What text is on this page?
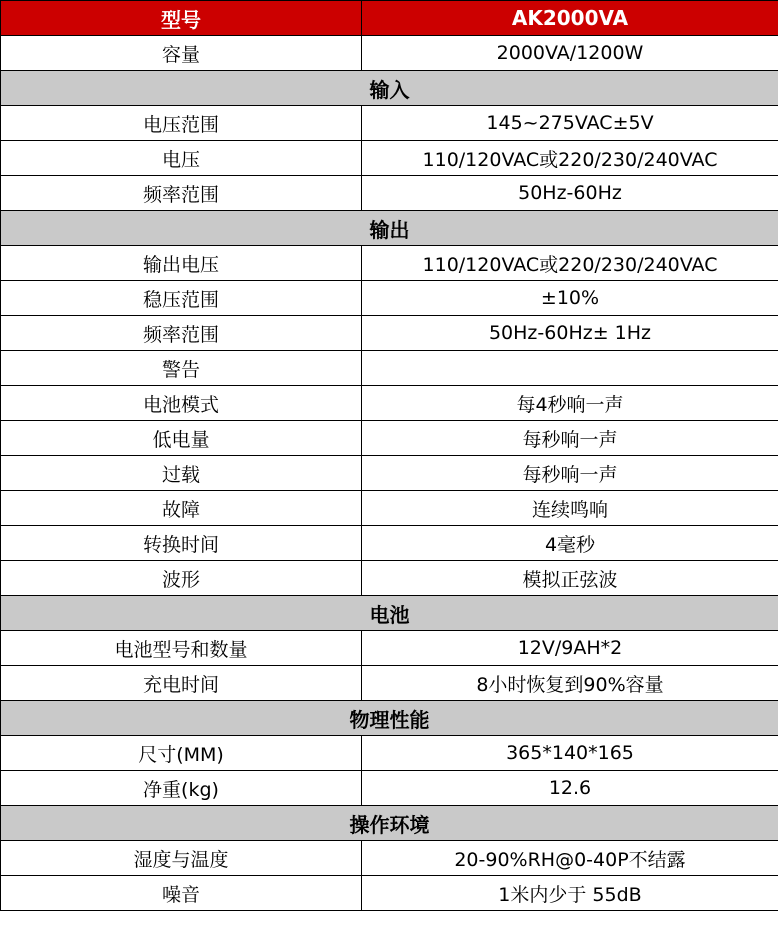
型号	AK2000VA
容量	2000VA/1200W
输入	
电压范围	145~275VAC±5V
电压	110/120VAC或220/230/240VAC
频率范围	50Hz-60Hz
输出	
输出电压	110/120VAC或220/230/240VAC
稳压范围	±10%
频率范围	50Hz-60Hz± 1Hz
警告	
电池模式	每4秒响一声
低电量	每秒响一声
过载	每秒响一声
故障	连续鸣响
转换时间	4毫秒
波形	模拟正弦波
电池	
电池型号和数量	12V/9AH*2
充电时间	8小时恢复到90%容量
物理性能	
尺寸(MM)	365*140*165
净重(kg)	12.6
操作环境	
湿度与温度	20-90%RH@0-40P不结露
噪音	1米内少于 55dB
